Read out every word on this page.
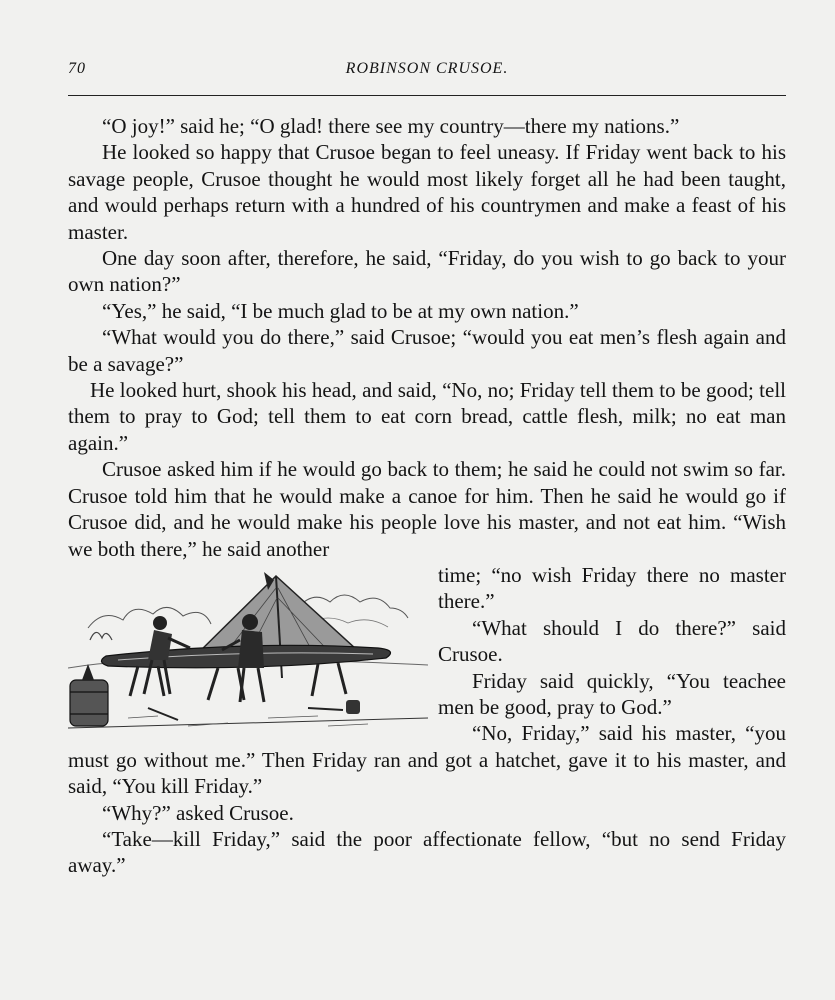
70	ROBINSON CRUSOE.

“O joy!” said he; “O glad! there see my country—there my nations.”

He looked so happy that Crusoe began to feel uneasy. If Friday went back to his savage people, Crusoe thought he would most likely forget all he had been taught, and would perhaps return with a hundred of his countrymen and make a feast of his master.

One day soon after, therefore, he said, “Friday, do you wish to go back to your own nation?”

“Yes,” he said, “I be much glad to be at my own nation.”

“What would you do there,” said Crusoe; “would you eat men’s flesh again and be a savage?”

He looked hurt, shook his head, and said, “No, no; Friday tell them to be good; tell them to pray to God; tell them to eat corn bread, cattle flesh, milk; no eat man again.”

Crusoe asked him if he would go back to them; he said he could not swim so far. Crusoe told him that he would make a canoe for him. Then he said he would go if Crusoe did, and he would make his people love his master, and not eat him. “Wish we both there,” he said another

time; “no wish Friday there no master there.”

“What should I do there?” said Crusoe.

Friday said quickly, “You teachee men be good, pray to God.”

“No, Friday,” said his master, “you must go without me.” Then Friday ran and got a hatchet, gave it to his master, and said, “You kill Friday.”

“Why?” asked Crusoe.

“Take—kill Friday,” said the poor affectionate fellow, “but no send Friday away.”
